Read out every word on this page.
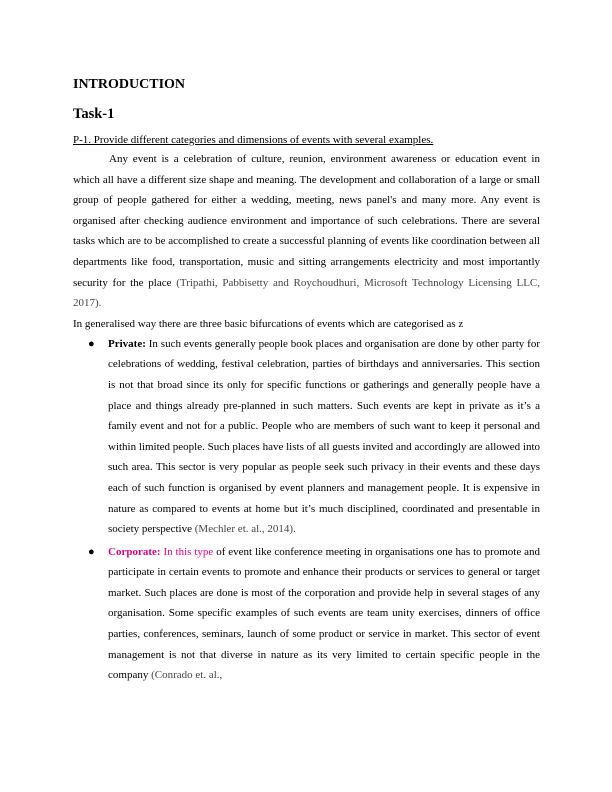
INTRODUCTION
Task-1

P-1. Provide different categories and dimensions of events with several examples.

Any event is a celebration of culture, reunion, environment awareness or education event in which all have a different size shape and meaning. The development and collaboration of a large or small group of people gathered for either a wedding, meeting, news panel's and many more. Any event is organised after checking audience environment and importance of such celebrations. There are several tasks which are to be accomplished to create a successful planning of events like coordination between all departments like food, transportation, music and sitting arrangements electricity and most importantly security for the place (Tripathi, Pabbisetty and Roychoudhuri, Microsoft Technology Licensing LLC, 2017).

In generalised way there are three basic bifurcations of events which are categorised as z

● Private: In such events generally people book places and organisation are done by other party for celebrations of wedding, festival celebration, parties of birthdays and anniversaries. This section is not that broad since its only for specific functions or gatherings and generally people have a place and things already pre-planned in such matters. Such events are kept in private as it’s a family event and not for a public. People who are members of such want to keep it personal and within limited people. Such places have lists of all guests invited and accordingly are allowed into such area. This sector is very popular as people seek such privacy in their events and these days each of such function is organised by event planners and management people. It is expensive in nature as compared to events at home but it’s much disciplined, coordinated and presentable in society perspective (Mechler et. al., 2014).
● Corporate: In this type of event like conference meeting in organisations one has to promote and participate in certain events to promote and enhance their products or services to general or target market. Such places are done is most of the corporation and provide help in several stages of any organisation. Some specific examples of such events are team unity exercises, dinners of office parties, conferences, seminars, launch of some product or service in market. This sector of event management is not that diverse in nature as its very limited to certain specific people in the company (Conrado et. al.,
